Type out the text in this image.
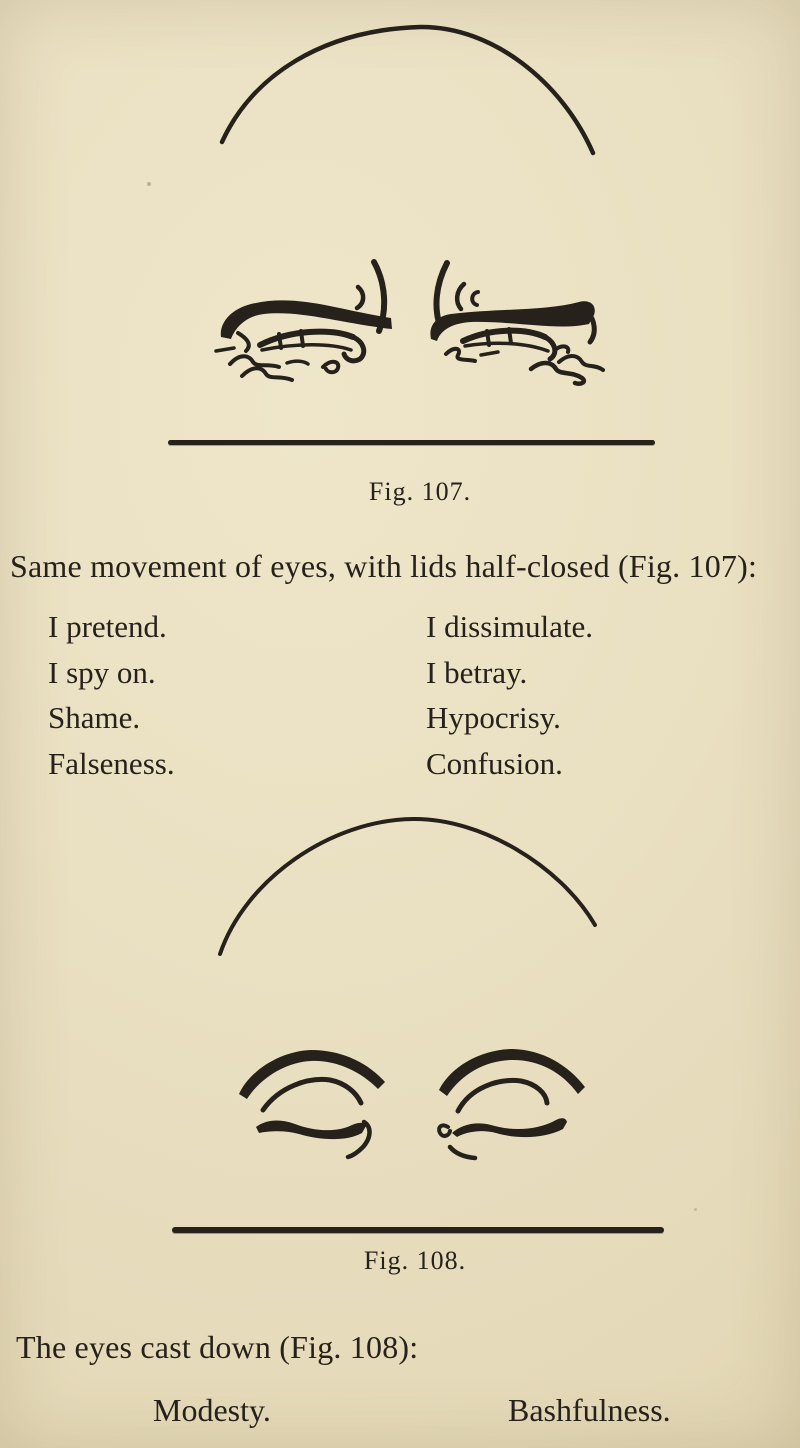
Fig. 107.
Same movement of eyes, with lids half-closed (Fig. 107):
I pretend.
I spy on.
Shame.
Falseness.
I dissimulate.
I betray.
Hypocrisy.
Confusion.
Fig. 108.
The eyes cast down (Fig. 108):
Modesty.	Bashfulness.
